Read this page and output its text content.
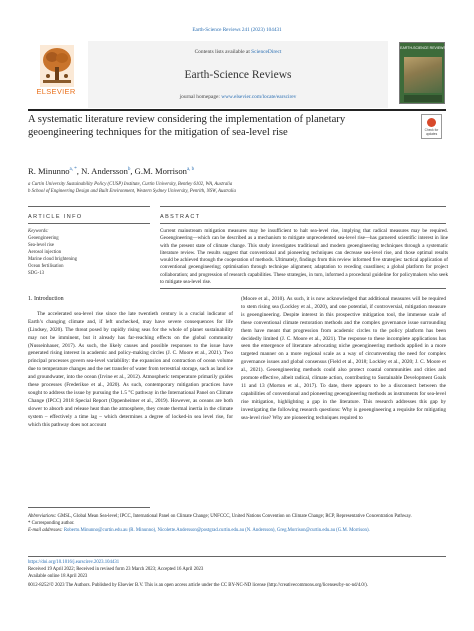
Earth-Science Reviews 241 (2023) 104431
ELSEVIER
Contents lists available at ScienceDirect
Earth-Science Reviews
journal homepage: www.elsevier.com/locate/earscirev
EARTH-SCIENCE REVIEWS
A systematic literature review considering the implementation of planetary geoengineering techniques for the mitigation of sea-level rise	Check for
updates
R. Minunno$^{a, *}$, N. Andersson$^b$, G.M. Morrison$^{a, b}$
a Curtin University Sustainability Policy (CUSP) Institute, Curtin University, Bentley 6102, WA, Australia
b School of Engineering Design and Built Environment, Western Sydney University, Penrith, NSW, Australia
ARTICLE INFO	ABSTRACT
Keywords:
Geoengineering
Sea-level rise
Aerosol injection
Marine cloud brightening
Ocean fertilisation
SDG-13
Current mainstream mitigation measures may be insufficient to halt sea-level rise, implying that radical measures may be required. Geoengineering—which can be described as a mechanism to mitigate unprecedented sea-level rise—has garnered scientific interest in line with the present state of climate change. This study investigates traditional and modern geoengineering techniques through a systematic literature review. The results suggest that conventional and pioneering techniques can decrease sea-level rise, and those optimal results would be achieved through the cooperation of methods. Ultimately, findings from this review informed five strategies: tactical application of conventional geoengineering; optimisation through technique alignment; adaptation to receding coastlines; a global platform for project collaboration; and progression of research capabilities. These strategies, in turn, informed a procedural guideline for policymakers who seek to mitigate sea-level rise.
1. Introduction
The accelerated sea-level rise since the late twentieth century is a crucial indicator of Earth’s changing climate and, if left unchecked, may have severe consequences for life (Lindsey, 2020). The threat posed by rapidly rising seas for the whole of planet sustainability may not be imminent, but it already has far-reaching effects on the global community (Nusseinhauer, 2017). As such, the likely causes and possible responses to the issue have generated rising interest in academic and policy-making circles (J. C. Moore et al., 2021). Two principal processes govern sea-level variability: the expansion and contraction of ocean volume due to temperature changes and the net transfer of water from terrestrial storage, such as land ice and groundwater, into the ocean (Irvine et al., 2012). Atmospheric temperature primarily guides these processes (Frederikse et al., 2020). As such, contemporary mitigation practices have sought to address the issue by pursuing the 1.5 °C pathway in the International Panel on Climate Change (IPCC) 2018 Special Report (Oppenheimer et al., 2019). However, as oceans are both slower to absorb and release heat than the atmosphere, they create thermal inertia in the climate system – effectively a time lag – which determines a degree of locked-in sea level rise, for which this pathway does not account
(Moore et al., 2010). As such, it is now acknowledged that additional measures will be required to stem rising sea (Lockley et al., 2020), and one potential, if controversial, mitigation measure is geoengineering. Despite interest in this prospective mitigation tool, the immense scale of these conventional climate restoration methods and the complex governance issue surrounding them have meant that progression from academic circles to the policy platform has been decidedly limited (J. C. Moore et al., 2021). The response to these incomplete applications has seen the emergence of literature advocating niche geoengineering methods applied in a more targeted manner on a more regional scale as a way of circumventing the need for complex governance issues and global consensus (Field et al., 2018; Lockley et al., 2020; J. C. Moore et al., 2021). Geoengineering methods could also protect coastal communities and cities and promote effective, albeit radical, climate action, contributing to Sustainable Development Goals 11 and 13 (Morton et al., 2017). To date, there appears to be a disconnect between the capabilities of conventional and pioneering geoengineering methods as instruments for sea-level rise mitigation, highlighting a gap in the literature. This research addresses this gap by investigating the following research questions: Why is geoengineering a requisite for mitigating sea-level rise? Why are pioneering techniques required to
Abbreviations: GMSL, Global Mean Sea-level; IPCC, International Panel on Climate Change; UNFCCC, United Nations Convention on Climate Change; RCP, Representative Concentration Pathway.
* Corresponding author.
E-mail addresses: Roberto.Minunno@curtin.edu.au (R. Minunno), Nicolette.Andersson@postgrad.curtin.edu.au (N. Andersson), Greg.Morrison@curtin.edu.au (G.M. Morrison).
https://doi.org/10.1016/j.earscirev.2023.104431
Received 19 April 2022; Received in revised form 23 March 2023; Accepted 16 April 2023
Available online 18 April 2023
0012-8252/© 2023 The Authors. Published by Elsevier B.V. This is an open access article under the CC BY-NC-ND license (http://creativecommons.org/licenses/by-nc-nd/4.0/).
